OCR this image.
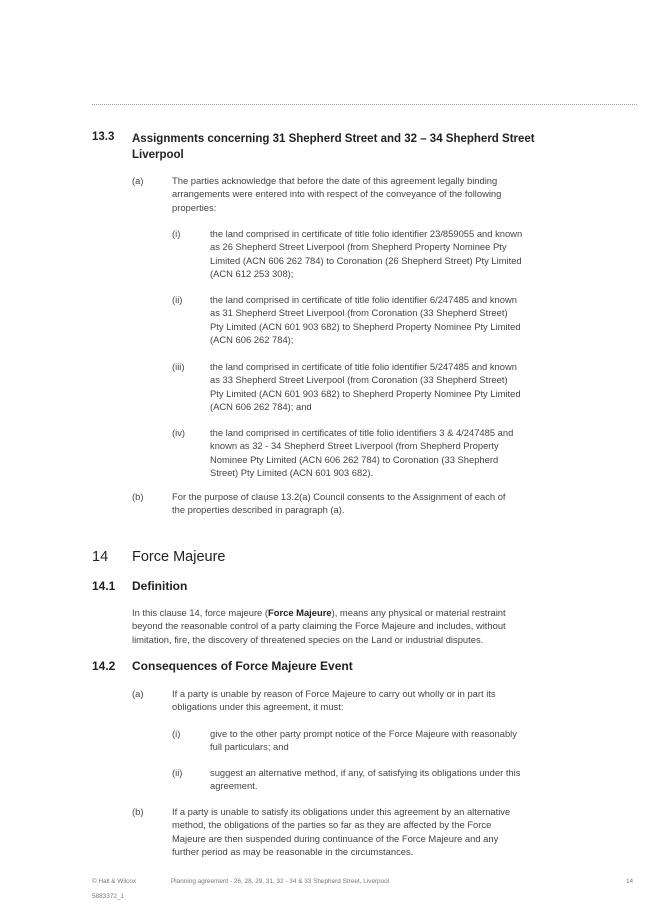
13.3 Assignments concerning 31 Shepherd Street and 32 – 34 Shepherd Street
Liverpool
(a)	The parties acknowledge that before the date of this agreement legally binding
arrangements were entered into with respect of the conveyance of the following
properties:
(i)	the land comprised in certificate of title folio identifier 23/859055 and known
as 26 Shepherd Street Liverpool (from Shepherd Property Nominee Pty
Limited (ACN 606 262 784) to Coronation (26 Shepherd Street) Pty Limited
(ACN 612 253 308);
(ii)	the land comprised in certificate of title folio identifier 6/247485 and known
as 31 Shepherd Street Liverpool (from Coronation (33 Shepherd Street)
Pty Limited (ACN 601 903 682) to Shepherd Property Nominee Pty Limited
(ACN 606 262 784);
(iii)	the land comprised in certificate of title folio identifier 5/247485 and known
as 33 Shepherd Street Liverpool (from Coronation (33 Shepherd Street)
Pty Limited (ACN 601 903 682) to Shepherd Property Nominee Pty Limited
(ACN 606 262 784); and
(iv)	the land comprised in certificates of title folio identifiers 3 & 4/247485 and
known as 32 - 34 Shepherd Street Liverpool (from Shepherd Property
Nominee Pty Limited (ACN 606 262 784) to Coronation (33 Shepherd
Street) Pty Limited (ACN 601 903 682).
(b)	For the purpose of clause 13.2(a) Council consents to the Assignment of each of
the properties described in paragraph (a).
14 Force Majeure
14.1 Definition
In this clause 14, force majeure (Force Majeure), means any physical or material restraint
beyond the reasonable control of a party claiming the Force Majeure and includes, without
limitation, fire, the discovery of threatened species on the Land or industrial disputes.
14.2 Consequences of Force Majeure Event
(a)	If a party is unable by reason of Force Majeure to carry out wholly or in part its
obligations under this agreement, it must:
(i)	give to the other party prompt notice of the Force Majeure with reasonably
full particulars; and
(ii)	suggest an alternative method, if any, of satisfying its obligations under this
agreement.
(b)	If a party is unable to satisfy its obligations under this agreement by an alternative
method, the obligations of the parties so far as they are affected by the Force
Majeure are then suspended during continuance of the Force Majeure and any
further period as may be reasonable in the circumstances.
© Hall & Wilcox	Planning agreement - 26, 28, 29, 31, 32 - 34 & 33 Shepherd Street, Liverpool	14
5883372_1
